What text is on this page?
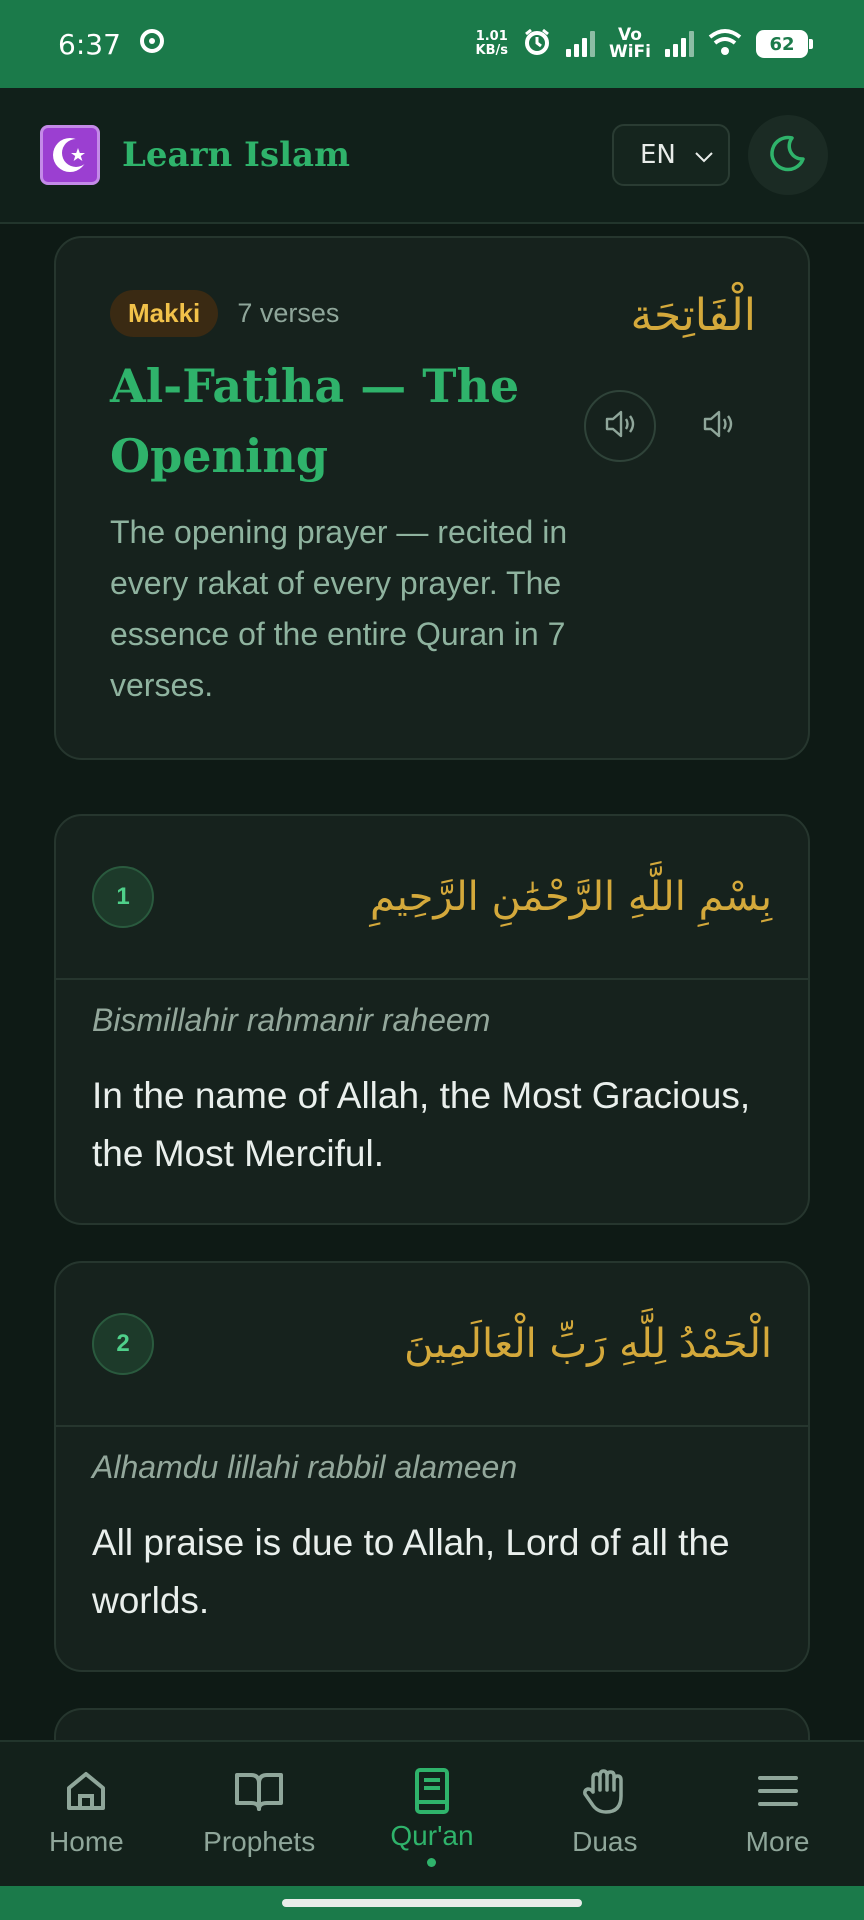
6:37	1.01
KB/s
Vo
WiFi	62
Learn Islam	EN
Makki 7 verses
Al-Fatiha — The Opening
The opening prayer — recited in every rakat of every prayer. The essence of the entire Quran in 7 verses.
الْفَاتِحَة
1	بِسْمِ اللَّهِ الرَّحْمَٰنِ الرَّحِيمِ
Bismillahir rahmanir raheem
In the name of Allah, the Most Gracious, the Most Merciful.
2	الْحَمْدُ لِلَّهِ رَبِّ الْعَالَمِينَ
Alhamdu lillahi rabbil alameen
All praise is due to Allah, Lord of all the worlds.
Home	Prophets	Qur'an	Duas	More
